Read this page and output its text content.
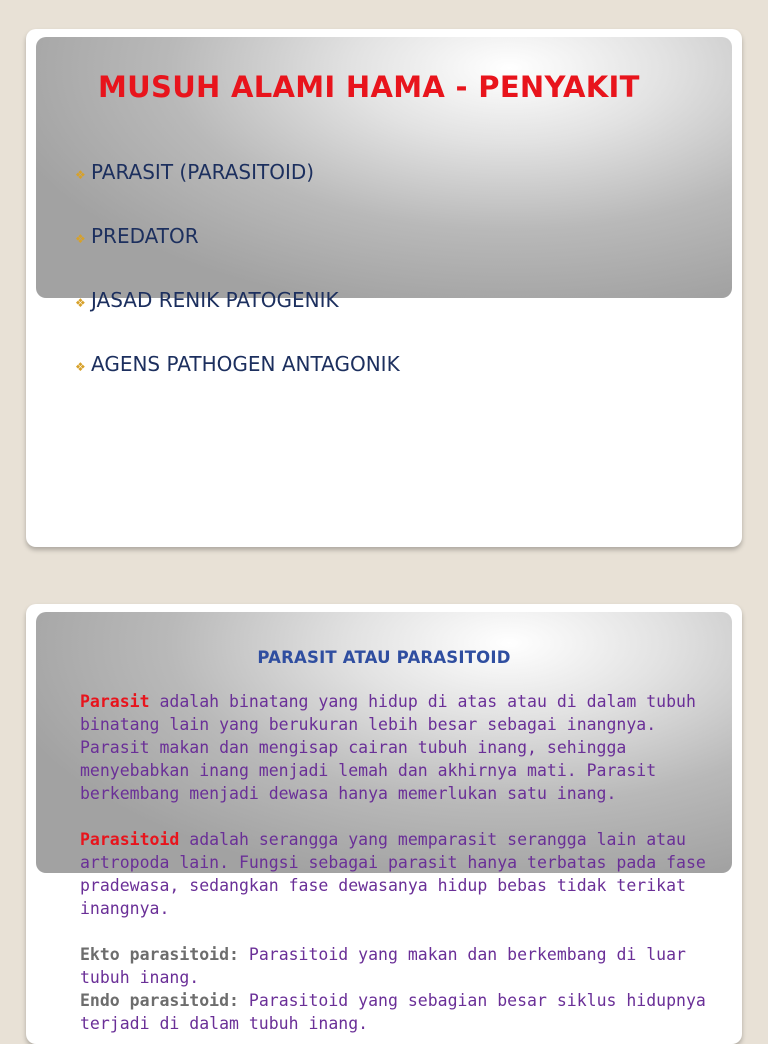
MUSUH ALAMI HAMA - PENYAKIT
❖ PARASIT (PARASITOID)
❖ PREDATOR
❖ JASAD RENIK PATOGENIK
❖ AGENS PATHOGEN ANTAGONIK
PARASIT ATAU PARASITOID

Parasit adalah binatang yang hidup di atas atau di dalam tubuh binatang lain yang berukuran lebih besar sebagai inangnya. Parasit makan dan mengisap cairan tubuh inang, sehingga menyebabkan inang menjadi lemah dan akhirnya mati. Parasit berkembang menjadi dewasa hanya memerlukan satu inang.

Parasitoid adalah serangga yang memparasit serangga lain atau artropoda lain. Fungsi sebagai parasit hanya terbatas pada fase pradewasa, sedangkan fase dewasanya hidup bebas tidak terikat inangnya.

Ekto parasitoid: Parasitoid yang makan dan berkembang di luar tubuh inang.

Endo parasitoid: Parasitoid yang sebagian besar siklus hidupnya terjadi di dalam tubuh inang.
